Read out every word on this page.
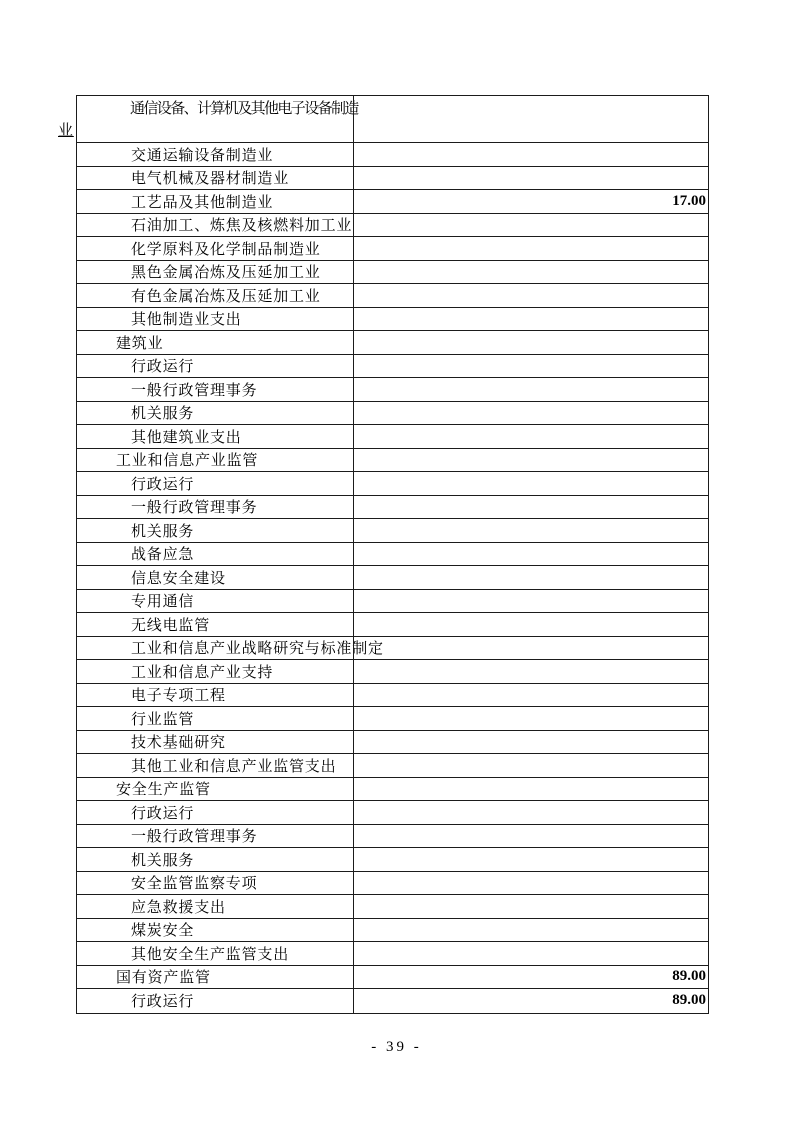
通信设备、计算机及其他电子设备制造
业
交通运输设备制造业
电气机械及器材制造业
工艺品及其他制造业	17.00
石油加工、炼焦及核燃料加工业
化学原料及化学制品制造业
黑色金属冶炼及压延加工业
有色金属冶炼及压延加工业
其他制造业支出
建筑业
行政运行
一般行政管理事务
机关服务
其他建筑业支出
工业和信息产业监管
行政运行
一般行政管理事务
机关服务
战备应急
信息安全建设
专用通信
无线电监管
工业和信息产业战略研究与标准制定
工业和信息产业支持
电子专项工程
行业监管
技术基础研究
其他工业和信息产业监管支出
安全生产监管
行政运行
一般行政管理事务
机关服务
安全监管监察专项
应急救援支出
煤炭安全
其他安全生产监管支出
国有资产监管	89.00
行政运行	89.00
- 39 -
